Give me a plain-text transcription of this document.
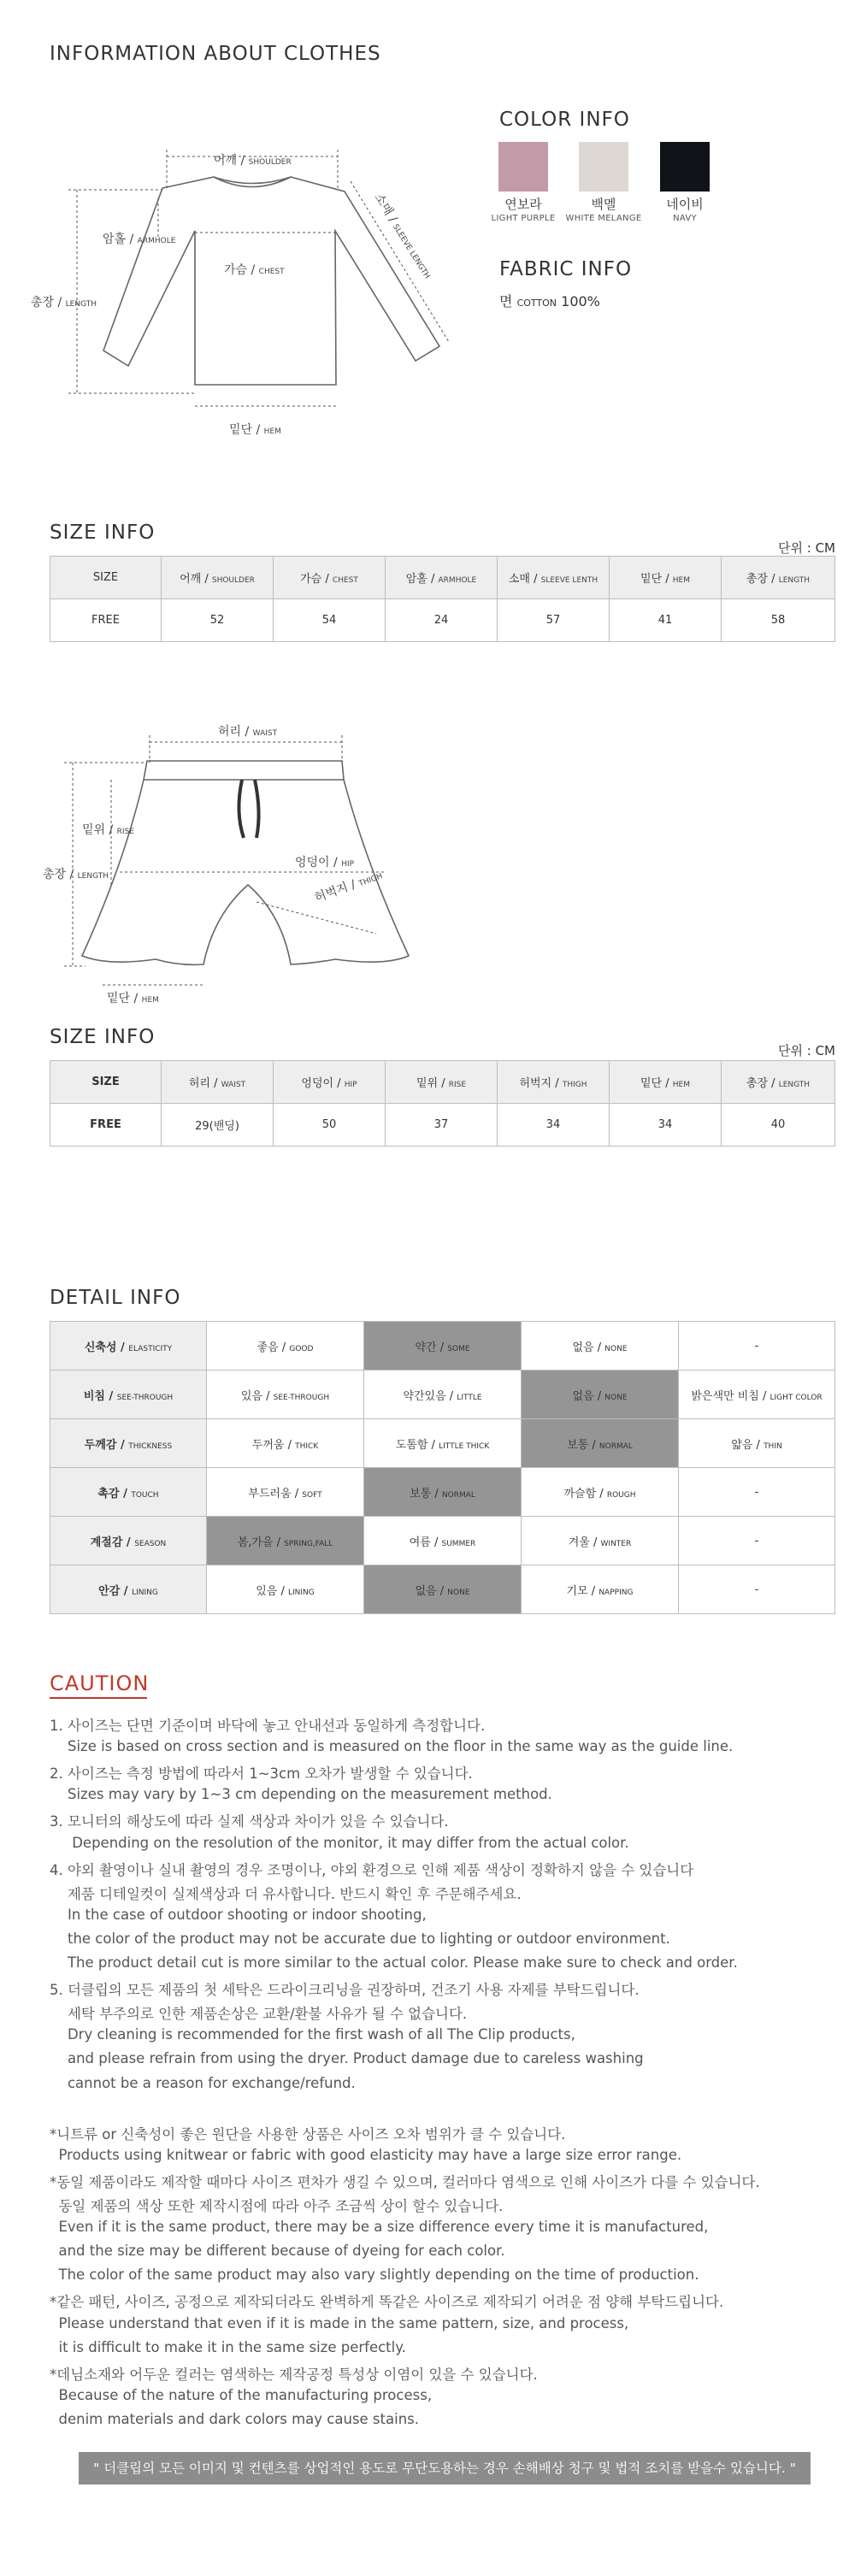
INFORMATION ABOUT CLOTHES
어깨 / SHOULDER
암홀 / ARMHOLE
가슴 / CHEST
총장 / LENGTH
밑단 / HEM
소매 / SLEEVE LENGTH
COLOR INFO
연보라	백멜	네이비
LIGHT PURPLE	WHITE MELANGE	NAVY
FABRIC INFO
면 COTTON 100%
SIZE INFO
단위 : CM
SIZE	어깨 / SHOULDER	가슴 / CHEST	암홀 / ARMHOLE	소매 / SLEEVE LENTH	밑단 / HEM	총장 / LENGTH
FREE	52	54	24	57	41	58
허리 / WAIST
밑위 / RISE
엉덩이 / HIP
총장 / LENGTH
밑단 / HEM
허벅지 / THIGH
SIZE INFO
단위 : CM
SIZE	허리 / WAIST	엉덩이 / HIP	밑위 / RISE	허벅지 / THIGH	밑단 / HEM	총장 / LENGTH
FREE	29(밴딩)	50	37	34	34	40
DETAIL INFO
신축성 / ELASTICITY	좋음 / GOOD	약간 / SOME	없음 / NONE	-
비침 / SEE-THROUGH	있음 / SEE-THROUGH	약간있음 / LITTLE	없음 / NONE	밝은색만 비침 / LIGHT COLOR
두께감 / THICKNESS	두꺼움 / THICK	도톰함 / LITTLE THICK	보통 / NORMAL	얇음 / THIN
촉감 / TOUCH	부드러움 / SOFT	보통 / NORMAL	까슬함 / ROUGH	-
계절감 / SEASON	봄,가을 / SPRING,FALL	여름 / SUMMER	겨울 / WINTER	-
안감 / LINING	있음 / LINING	없음 / NONE	기모 / NAPPING	-
CAUTION
1. 사이즈는 단면 기준이며 바닥에 놓고 안내선과 동일하게 측정합니다.
Size is based on cross section and is measured on the floor in the same way as the guide line.
2. 사이즈는 측정 방법에 따라서 1~3cm 오차가 발생할 수 있습니다.
Sizes may vary by 1~3 cm depending on the measurement method.
3. 모니터의 해상도에 따라 실제 색상과 차이가 있을 수 있습니다.
Depending on the resolution of the monitor, it may differ from the actual color.
4. 야외 촬영이나 실내 촬영의 경우 조명이나, 야외 환경으로 인해 제품 색상이 정확하지 않을 수 있습니다
제품 디테일컷이 실제색상과 더 유사합니다. 반드시 확인 후 주문해주세요.
In the case of outdoor shooting or indoor shooting,
the color of the product may not be accurate due to lighting or outdoor environment.
The product detail cut is more similar to the actual color. Please make sure to check and order.
5. 더클립의 모든 제품의 첫 세탁은 드라이크리닝을 권장하며, 건조기 사용 자제를 부탁드립니다.
세탁 부주의로 인한 제품손상은 교환/환불 사유가 될 수 없습니다.
Dry cleaning is recommended for the first wash of all The Clip products,
and please refrain from using the dryer. Product damage due to careless washing
cannot be a reason for exchange/refund.
*니트류 or 신축성이 좋은 원단을 사용한 상품은 사이즈 오차 범위가 클 수 있습니다.
Products using knitwear or fabric with good elasticity may have a large size error range.
*동일 제품이라도 제작할 때마다 사이즈 편차가 생길 수 있으며, 컬러마다 염색으로 인해 사이즈가 다를 수 있습니다.
동일 제품의 색상 또한 제작시점에 따라 아주 조금씩 상이 할수 있습니다.
Even if it is the same product, there may be a size difference every time it is manufactured,
and the size may be different because of dyeing for each color.
The color of the same product may also vary slightly depending on the time of production.
*같은 패턴, 사이즈, 공정으로 제작되더라도 완벽하게 똑같은 사이즈로 제작되기 어려운 점 양해 부탁드립니다.
Please understand that even if it is made in the same pattern, size, and process,
it is difficult to make it in the same size perfectly.
*데님소재와 어두운 컬러는 염색하는 제작공정 특성상 이염이 있을 수 있습니다.
Because of the nature of the manufacturing process,
denim materials and dark colors may cause stains.
" 더클립의 모든 이미지 및 컨텐츠를 상업적인 용도로 무단도용하는 경우 손해배상 청구 및 법적 조치를 받을수 있습니다. "
